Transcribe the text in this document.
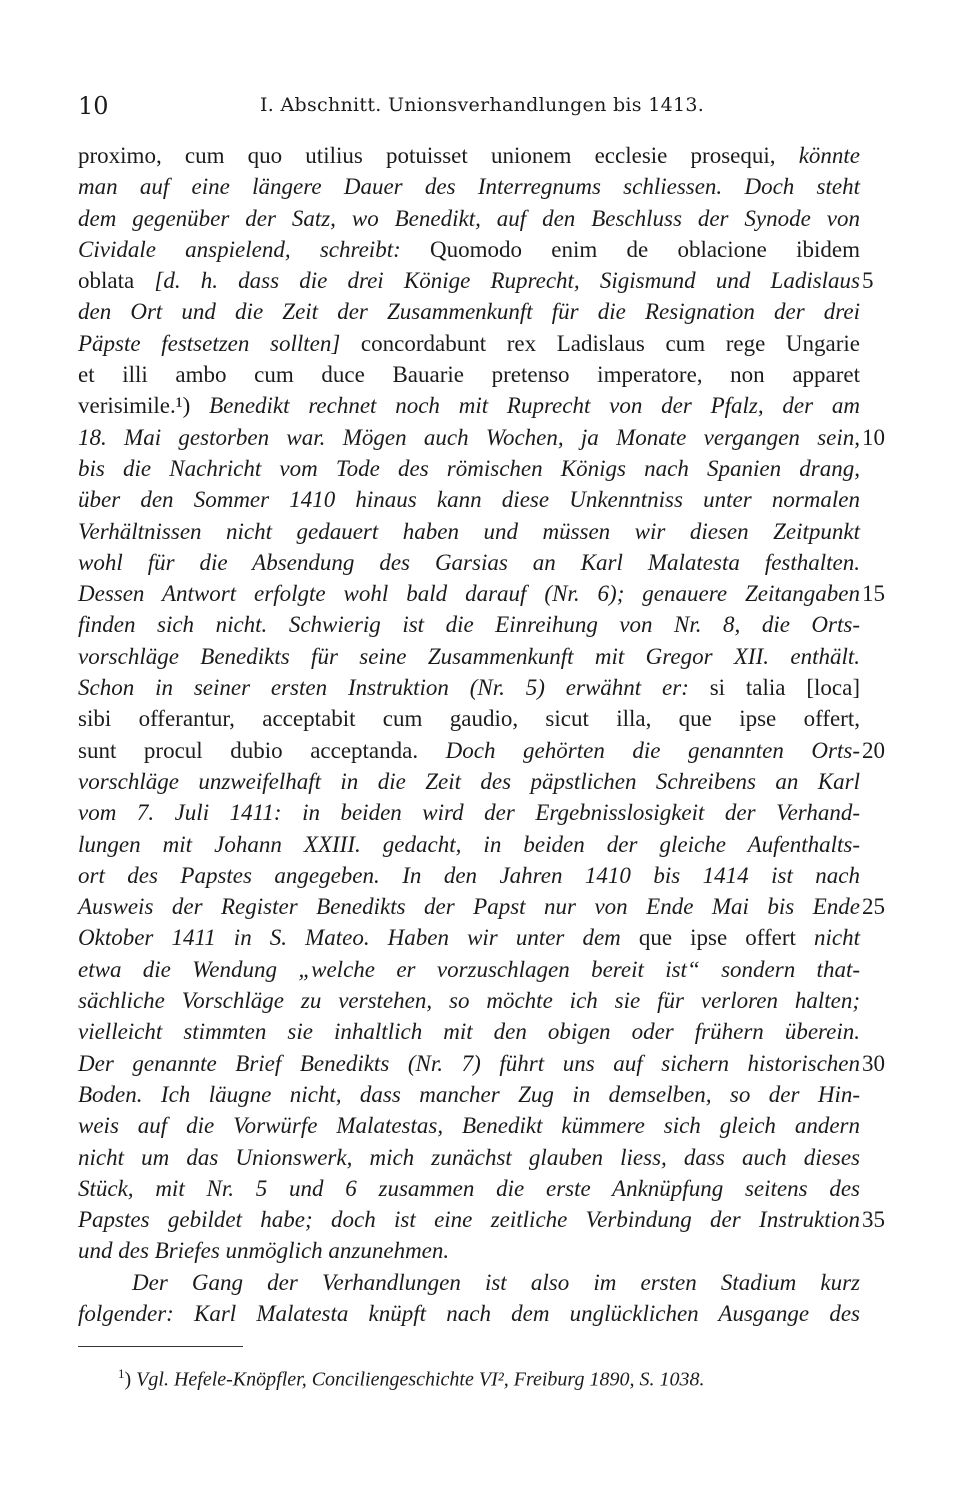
10	I. Abschnitt. Unionsverhandlungen bis 1413.
proximo, cum quo utilius potuisset unionem ecclesie prosequi, könnte
man auf eine längere Dauer des Interregnums schliessen. Doch steht
dem gegenüber der Satz, wo Benedikt, auf den Beschluss der Synode von
Cividale anspielend, schreibt: Quomodo enim de oblacione ibidem
oblata [d. h. dass die drei Könige Ruprecht, Sigismund und Ladislaus 5
den Ort und die Zeit der Zusammenkunft für die Resignation der drei
Päpste festsetzen sollten] concordabunt rex Ladislaus cum rege Ungarie
et illi ambo cum duce Bauarie pretenso imperatore, non apparet
verisimile.¹) Benedikt rechnet noch mit Ruprecht von der Pfalz, der am
18. Mai gestorben war. Mögen auch Wochen, ja Monate vergangen sein, 10
bis die Nachricht vom Tode des römischen Königs nach Spanien drang,
über den Sommer 1410 hinaus kann diese Unkenntniss unter normalen
Verhältnissen nicht gedauert haben und müssen wir diesen Zeitpunkt
wohl für die Absendung des Garsias an Karl Malatesta festhalten.
Dessen Antwort erfolgte wohl bald darauf (Nr. 6); genauere Zeitangaben 15
finden sich nicht. Schwierig ist die Einreihung von Nr. 8, die Orts-
vorschläge Benedikts für seine Zusammenkunft mit Gregor XII. enthält.
Schon in seiner ersten Instruktion (Nr. 5) erwähnt er: si talia [loca]
sibi offerantur, acceptabit cum gaudio, sicut illa, que ipse offert,
sunt procul dubio acceptanda. Doch gehörten die genannten Orts- 20
vorschläge unzweifelhaft in die Zeit des päpstlichen Schreibens an Karl
vom 7. Juli 1411: in beiden wird der Ergebnisslosigkeit der Verhand-
lungen mit Johann XXIII. gedacht, in beiden der gleiche Aufenthalts-
ort des Papstes angegeben. In den Jahren 1410 bis 1414 ist nach
Ausweis der Register Benedikts der Papst nur von Ende Mai bis Ende 25
Oktober 1411 in S. Mateo. Haben wir unter dem que ipse offert nicht
etwa die Wendung „welche er vorzuschlagen bereit ist“ sondern that-
sächliche Vorschläge zu verstehen, so möchte ich sie für verloren halten;
vielleicht stimmten sie inhaltlich mit den obigen oder frühern überein.
Der genannte Brief Benedikts (Nr. 7) führt uns auf sichern historischen 30
Boden. Ich läugne nicht, dass mancher Zug in demselben, so der Hin-
weis auf die Vorwürfe Malatestas, Benedikt kümmere sich gleich andern
nicht um das Unionswerk, mich zunächst glauben liess, dass auch dieses
Stück, mit Nr. 5 und 6 zusammen die erste Anknüpfung seitens des
Papstes gebildet habe; doch ist eine zeitliche Verbindung der Instruktion 35
und des Briefes unmöglich anzunehmen.
Der Gang der Verhandlungen ist also im ersten Stadium kurz
folgender: Karl Malatesta knüpft nach dem unglücklichen Ausgange des
$^1$) Vgl. Hefele-Knöpfler, Conciliengeschichte VI², Freiburg 1890, S. 1038.
